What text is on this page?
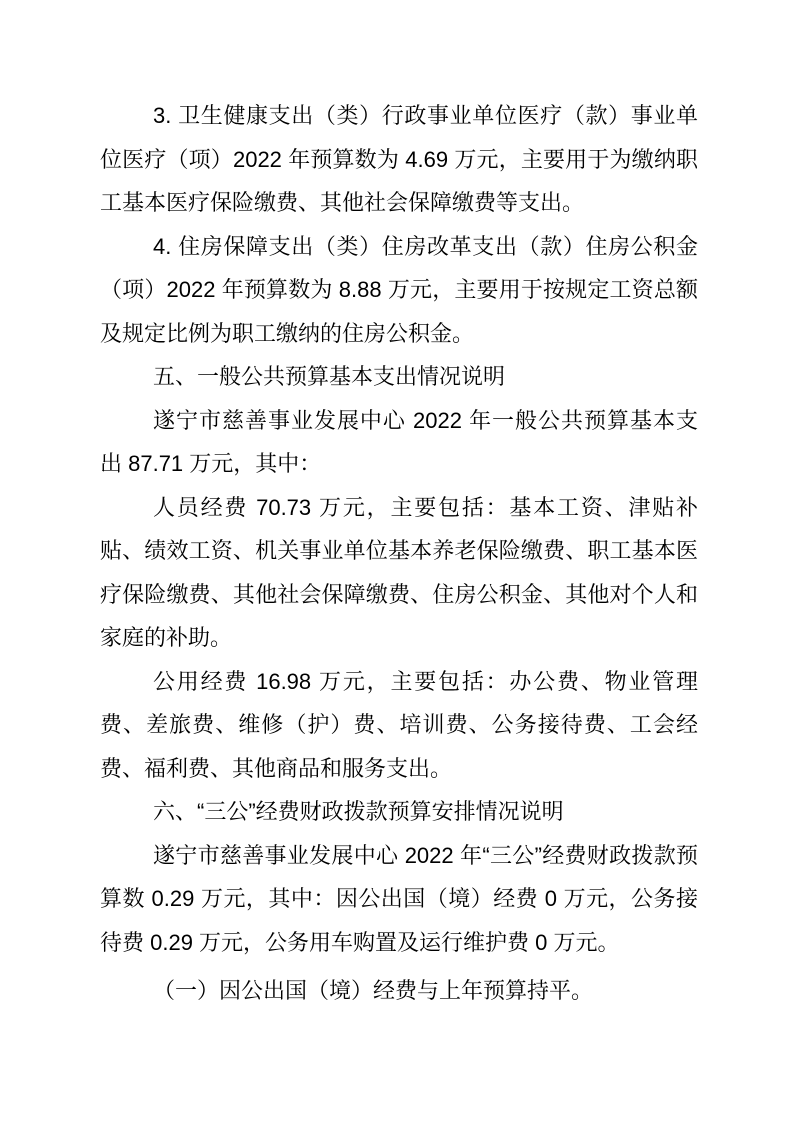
3. 卫生健康支出（类）行政事业单位医疗（款）事业单位医疗（项）2022 年预算数为 4.69 万元，主要用于为缴纳职工基本医疗保险缴费、其他社会保障缴费等支出。

4. 住房保障支出（类）住房改革支出（款）住房公积金（项）2022 年预算数为 8.88 万元，主要用于按规定工资总额及规定比例为职工缴纳的住房公积金。

五、一般公共预算基本支出情况说明

遂宁市慈善事业发展中心 2022 年一般公共预算基本支出 87.71 万元，其中：

人员经费 70.73 万元，主要包括：基本工资、津贴补贴、绩效工资、机关事业单位基本养老保险缴费、职工基本医疗保险缴费、其他社会保障缴费、住房公积金、其他对个人和家庭的补助。

公用经费 16.98 万元，主要包括：办公费、物业管理费、差旅费、维修（护）费、培训费、公务接待费、工会经费、福利费、其他商品和服务支出。

六、“三公”经费财政拨款预算安排情况说明

遂宁市慈善事业发展中心 2022 年“三公”经费财政拨款预算数 0.29 万元，其中：因公出国（境）经费 0 万元，公务接待费 0.29 万元，公务用车购置及运行维护费 0 万元。

（一）因公出国（境）经费与上年预算持平。
